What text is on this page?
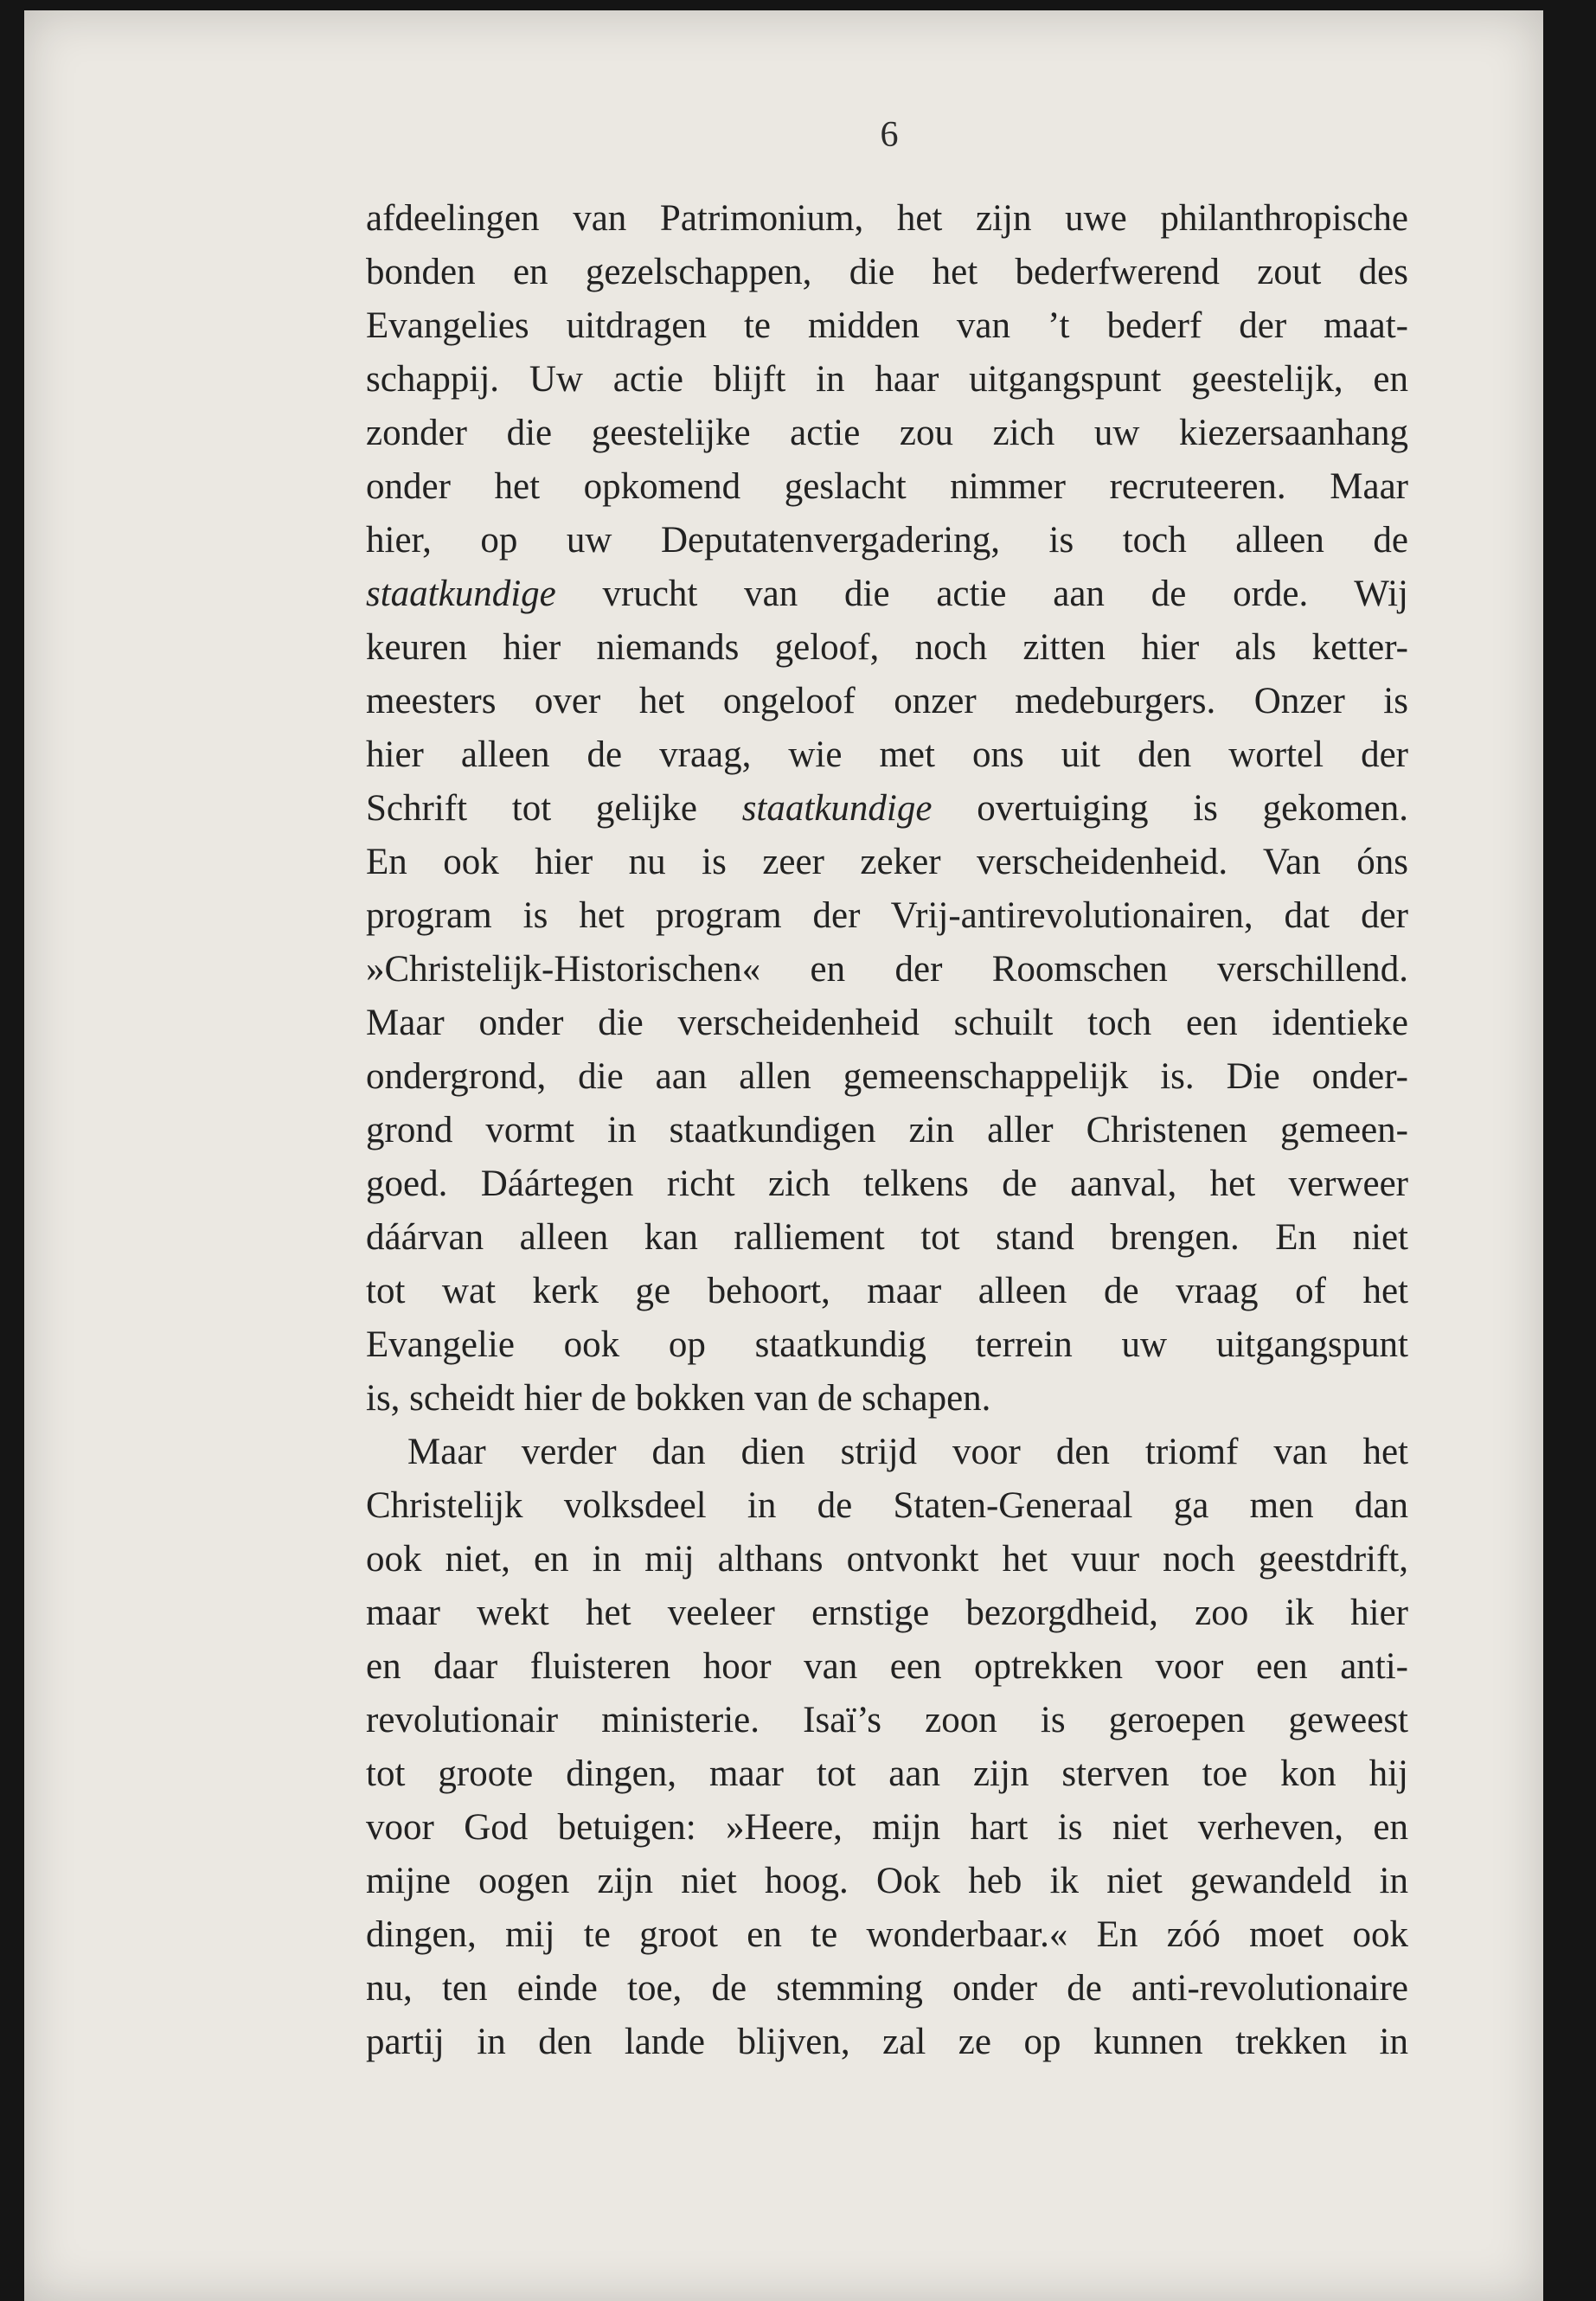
6
afdeelingen van Patrimonium, het zijn uwe philanthropische
bonden en gezelschappen, die het bederfwerend zout des
Evangelies uitdragen te midden van ’t bederf der maat-
schappij. Uw actie blijft in haar uitgangspunt geestelijk, en
zonder die geestelijke actie zou zich uw kiezersaanhang
onder het opkomend geslacht nimmer recruteeren. Maar
hier, op uw Deputatenvergadering, is toch alleen de
staatkundige vrucht van die actie aan de orde. Wij
keuren hier niemands geloof, noch zitten hier als ketter-
meesters over het ongeloof onzer medeburgers. Onzer is
hier alleen de vraag, wie met ons uit den wortel der
Schrift tot gelijke staatkundige overtuiging is gekomen.
En ook hier nu is zeer zeker verscheidenheid. Van óns
program is het program der Vrij-antirevolutionairen, dat der
»Christelijk-Historischen« en der Roomschen verschillend.
Maar onder die verscheidenheid schuilt toch een identieke
ondergrond, die aan allen gemeenschappelijk is. Die onder-
grond vormt in staatkundigen zin aller Christenen gemeen-
goed. Dáártegen richt zich telkens de aanval, het verweer
dáárvan alleen kan ralliement tot stand brengen. En niet
tot wat kerk ge behoort, maar alleen de vraag of het
Evangelie ook op staatkundig terrein uw uitgangspunt
is, scheidt hier de bokken van de schapen.
Maar verder dan dien strijd voor den triomf van het
Christelijk volksdeel in de Staten-Generaal ga men dan
ook niet, en in mij althans ontvonkt het vuur noch geestdrift,
maar wekt het veeleer ernstige bezorgdheid, zoo ik hier
en daar fluisteren hoor van een optrekken voor een anti-
revolutionair ministerie. Isaï’s zoon is geroepen geweest
tot groote dingen, maar tot aan zijn sterven toe kon hij
voor God betuigen: »Heere, mijn hart is niet verheven, en
mijne oogen zijn niet hoog. Ook heb ik niet gewandeld in
dingen, mij te groot en te wonderbaar.« En zóó moet ook
nu, ten einde toe, de stemming onder de anti-revolutionaire
partij in den lande blijven, zal ze op kunnen trekken in
